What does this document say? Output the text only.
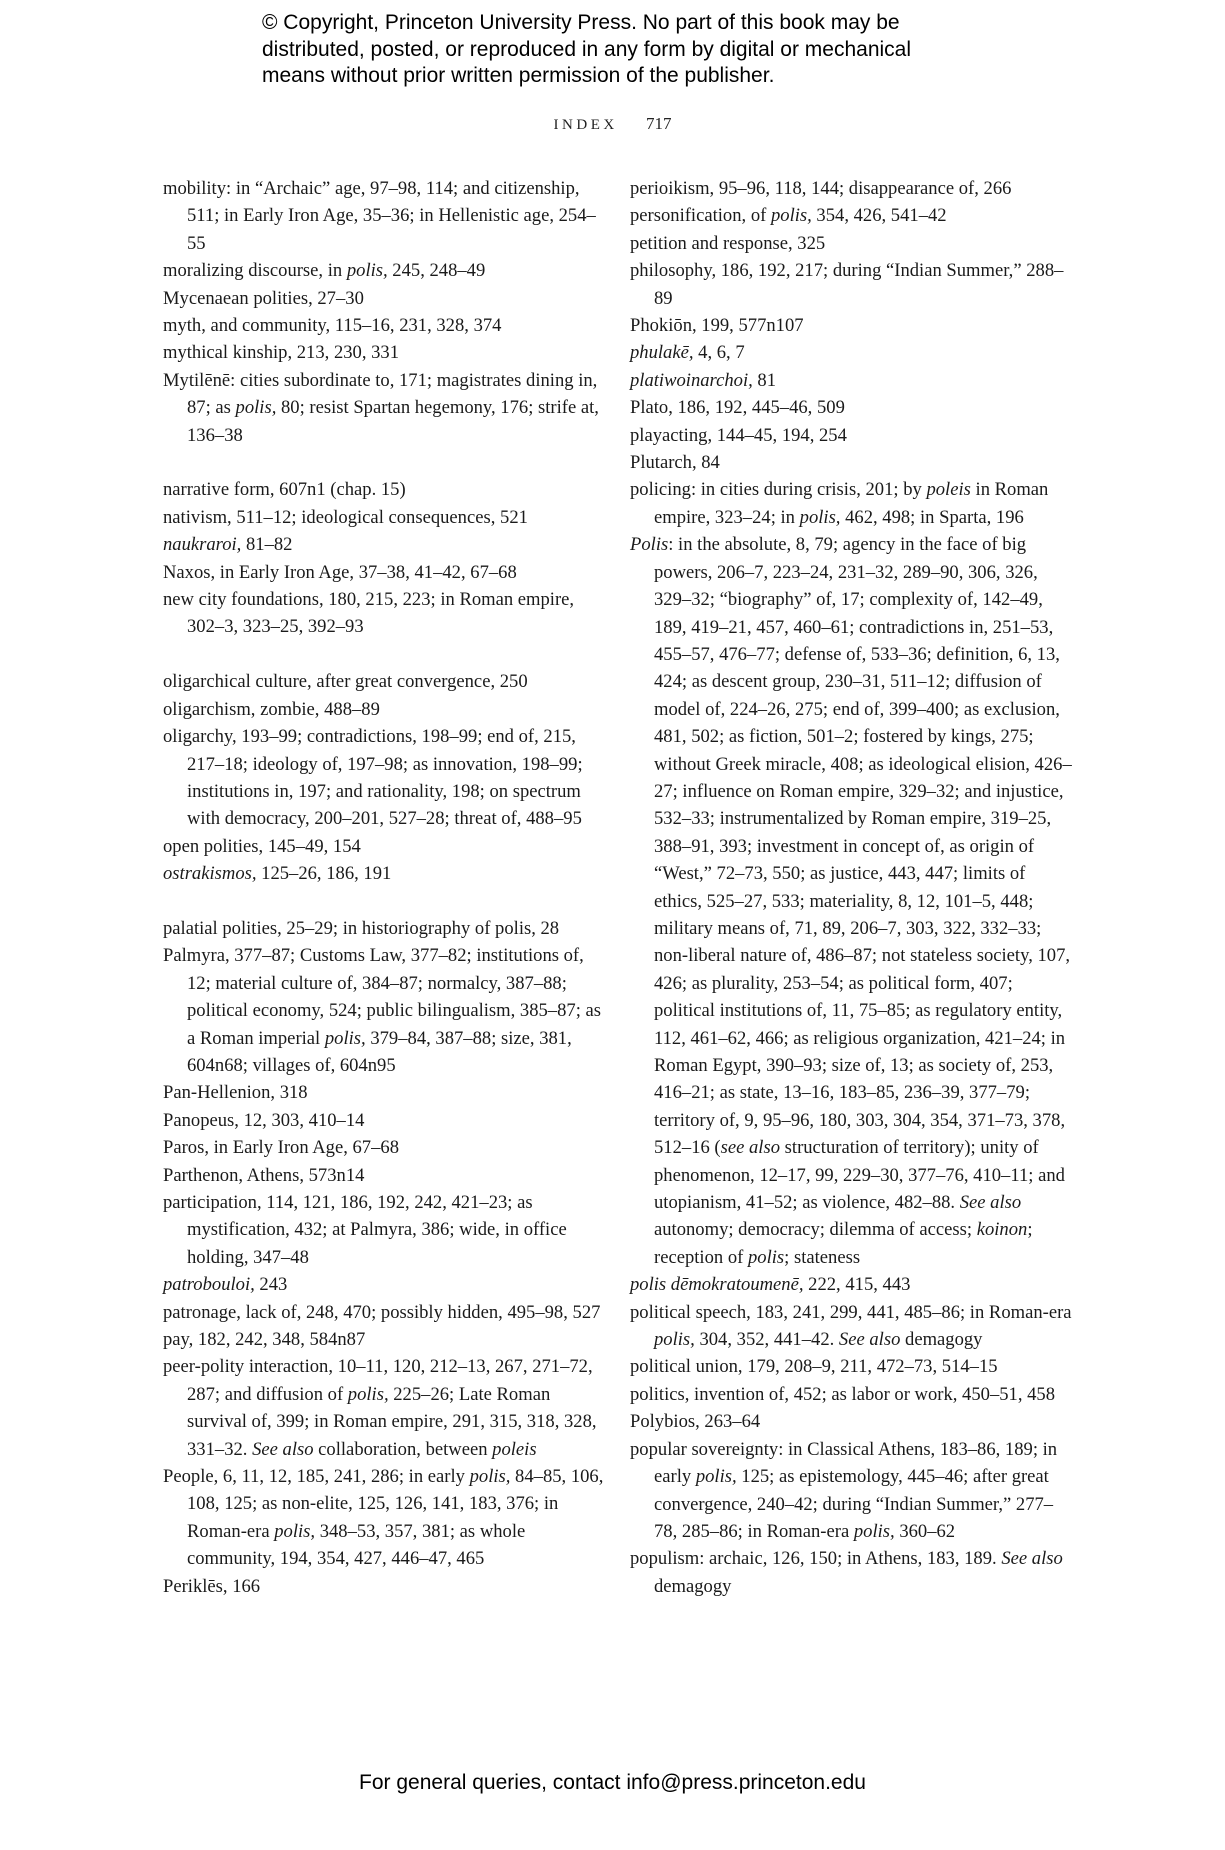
© Copyright, Princeton University Press. No part of this book may be
distributed, posted, or reproduced in any form by digital or mechanical
means without prior written permission of the publisher.
INDEX 717
mobility: in “Archaic” age, 97–98, 114; and citizenship, 511; in Early Iron Age, 35–36; in Hellenistic age, 254–55
moralizing discourse, in polis, 245, 248–49
Mycenaean polities, 27–30
myth, and community, 115–16, 231, 328, 374
mythical kinship, 213, 230, 331
Mytilēnē: cities subordinate to, 171; magistrates dining in, 87; as polis, 80; resist Spartan hegemony, 176; strife at, 136–38
narrative form, 607n1 (chap. 15)
nativism, 511–12; ideological consequences, 521
naukraroi, 81–82
Naxos, in Early Iron Age, 37–38, 41–42, 67–68
new city foundations, 180, 215, 223; in Roman empire, 302–3, 323–25, 392–93
oligarchical culture, after great convergence, 250
oligarchism, zombie, 488–89
oligarchy, 193–99; contradictions, 198–99; end of, 215, 217–18; ideology of, 197–98; as innovation, 198–99; institutions in, 197; and rationality, 198; on spectrum with democracy, 200–201, 527–28; threat of, 488–95
open polities, 145–49, 154
ostrakismos, 125–26, 186, 191
palatial polities, 25–29; in historiography of polis, 28
Palmyra, 377–87; Customs Law, 377–82; institutions of, 12; material culture of, 384–87; normalcy, 387–88; political economy, 524; public bilingualism, 385–87; as a Roman imperial polis, 379–84, 387–88; size, 381, 604n68; villages of, 604n95
Pan-Hellenion, 318
Panopeus, 12, 303, 410–14
Paros, in Early Iron Age, 67–68
Parthenon, Athens, 573n14
participation, 114, 121, 186, 192, 242, 421–23; as mystification, 432; at Palmyra, 386; wide, in office holding, 347–48
patrobouloi, 243
patronage, lack of, 248, 470; possibly hidden, 495–98, 527
pay, 182, 242, 348, 584n87
peer-polity interaction, 10–11, 120, 212–13, 267, 271–72, 287; and diffusion of polis, 225–26; Late Roman survival of, 399; in Roman empire, 291, 315, 318, 328, 331–32. See also collaboration, between poleis
People, 6, 11, 12, 185, 241, 286; in early polis, 84–85, 106, 108, 125; as non-elite, 125, 126, 141, 183, 376; in Roman-era polis, 348–53, 357, 381; as whole community, 194, 354, 427, 446–47, 465
Periklēs, 166
perioikism, 95–96, 118, 144; disappearance of, 266
personification, of polis, 354, 426, 541–42
petition and response, 325
philosophy, 186, 192, 217; during “Indian Summer,” 288–89
Phokiōn, 199, 577n107
phulakē, 4, 6, 7
platiwoinarchoi, 81
Plato, 186, 192, 445–46, 509
playacting, 144–45, 194, 254
Plutarch, 84
policing: in cities during crisis, 201; by poleis in Roman empire, 323–24; in polis, 462, 498; in Sparta, 196
Polis: in the absolute, 8, 79; agency in the face of big powers, 206–7, 223–24, 231–32, 289–90, 306, 326, 329–32; “biography” of, 17; complexity of, 142–49, 189, 419–21, 457, 460–61; contradictions in, 251–53, 455–57, 476–77; defense of, 533–36; definition, 6, 13, 424; as descent group, 230–31, 511–12; diffusion of model of, 224–26, 275; end of, 399–400; as exclusion, 481, 502; as fiction, 501–2; fostered by kings, 275; without Greek miracle, 408; as ideological elision, 426–27; influence on Roman empire, 329–32; and injustice, 532–33; instrumentalized by Roman empire, 319–25, 388–91, 393; investment in concept of, as origin of “West,” 72–73, 550; as justice, 443, 447; limits of ethics, 525–27, 533; materiality, 8, 12, 101–5, 448; military means of, 71, 89, 206–7, 303, 322, 332–33; non-liberal nature of, 486–87; not stateless society, 107, 426; as plurality, 253–54; as political form, 407; political institutions of, 11, 75–85; as regulatory entity, 112, 461–62, 466; as religious organization, 421–24; in Roman Egypt, 390–93; size of, 13; as society of, 253, 416–21; as state, 13–16, 183–85, 236–39, 377–79; territory of, 9, 95–96, 180, 303, 304, 354, 371–73, 378, 512–16 (see also structuration of territory); unity of phenomenon, 12–17, 99, 229–30, 377–76, 410–11; and utopianism, 41–52; as violence, 482–88. See also autonomy; democracy; dilemma of access; koinon; reception of polis; stateness
polis dēmokratoumenē, 222, 415, 443
political speech, 183, 241, 299, 441, 485–86; in Roman-era polis, 304, 352, 441–42. See also demagogy
political union, 179, 208–9, 211, 472–73, 514–15
politics, invention of, 452; as labor or work, 450–51, 458
Polybios, 263–64
popular sovereignty: in Classical Athens, 183–86, 189; in early polis, 125; as epistemology, 445–46; after great convergence, 240–42; during “Indian Summer,” 277–78, 285–86; in Roman-era polis, 360–62
populism: archaic, 126, 150; in Athens, 183, 189. See also demagogy
For general queries, contact info@press.princeton.edu
